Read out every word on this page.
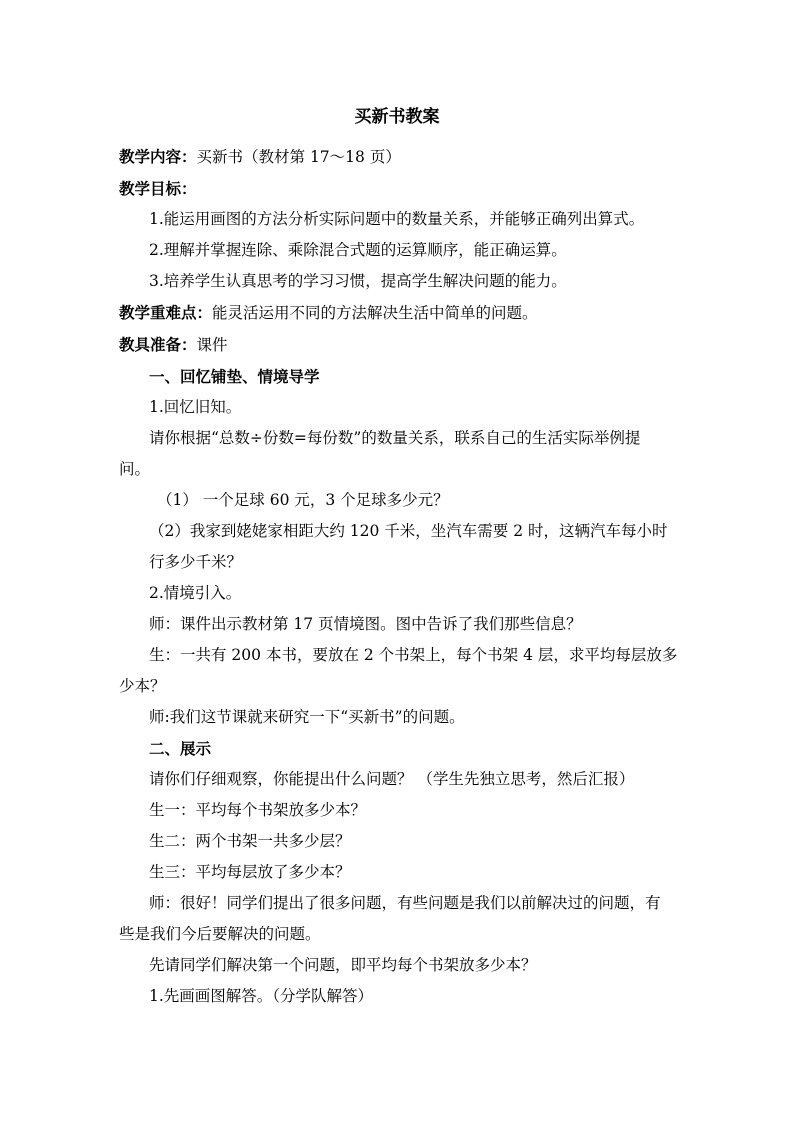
买新书教案

教学内容：买新书（教材第 17～18 页）

教学目标：

1.能运用画图的方法分析实际问题中的数量关系，并能够正确列出算式。

2.理解并掌握连除、乘除混合式题的运算顺序，能正确运算。

3.培养学生认真思考的学习习惯，提高学生解决问题的能力。

教学重难点：能灵活运用不同的方法解决生活中简单的问题。

教具准备：课件

一、回忆铺垫、情境导学

1.回忆旧知。

请你根据“总数÷份数=每份数”的数量关系，联系自己的生活实际举例提

问。

（1） 一个足球 60 元，3 个足球多少元？

（2）我家到姥姥家相距大约 120 千米，坐汽车需要 2 时，这辆汽车每小时

行多少千米？

2.情境引入。

师：课件出示教材第 17 页情境图。图中告诉了我们那些信息？

生：一共有 200 本书，要放在 2 个书架上，每个书架 4 层，求平均每层放多

少本？

师:我们这节课就来研究一下“买新书”的问题。

二、展示

请你们仔细观察，你能提出什么问题？ （学生先独立思考，然后汇报）

生一：平均每个书架放多少本？

生二：两个书架一共多少层？

生三：平均每层放了多少本？

师：很好！同学们提出了很多问题，有些问题是我们以前解决过的问题，有

些是我们今后要解决的问题。

先请同学们解决第一个问题，即平均每个书架放多少本？

1.先画画图解答。（分学队解答）
